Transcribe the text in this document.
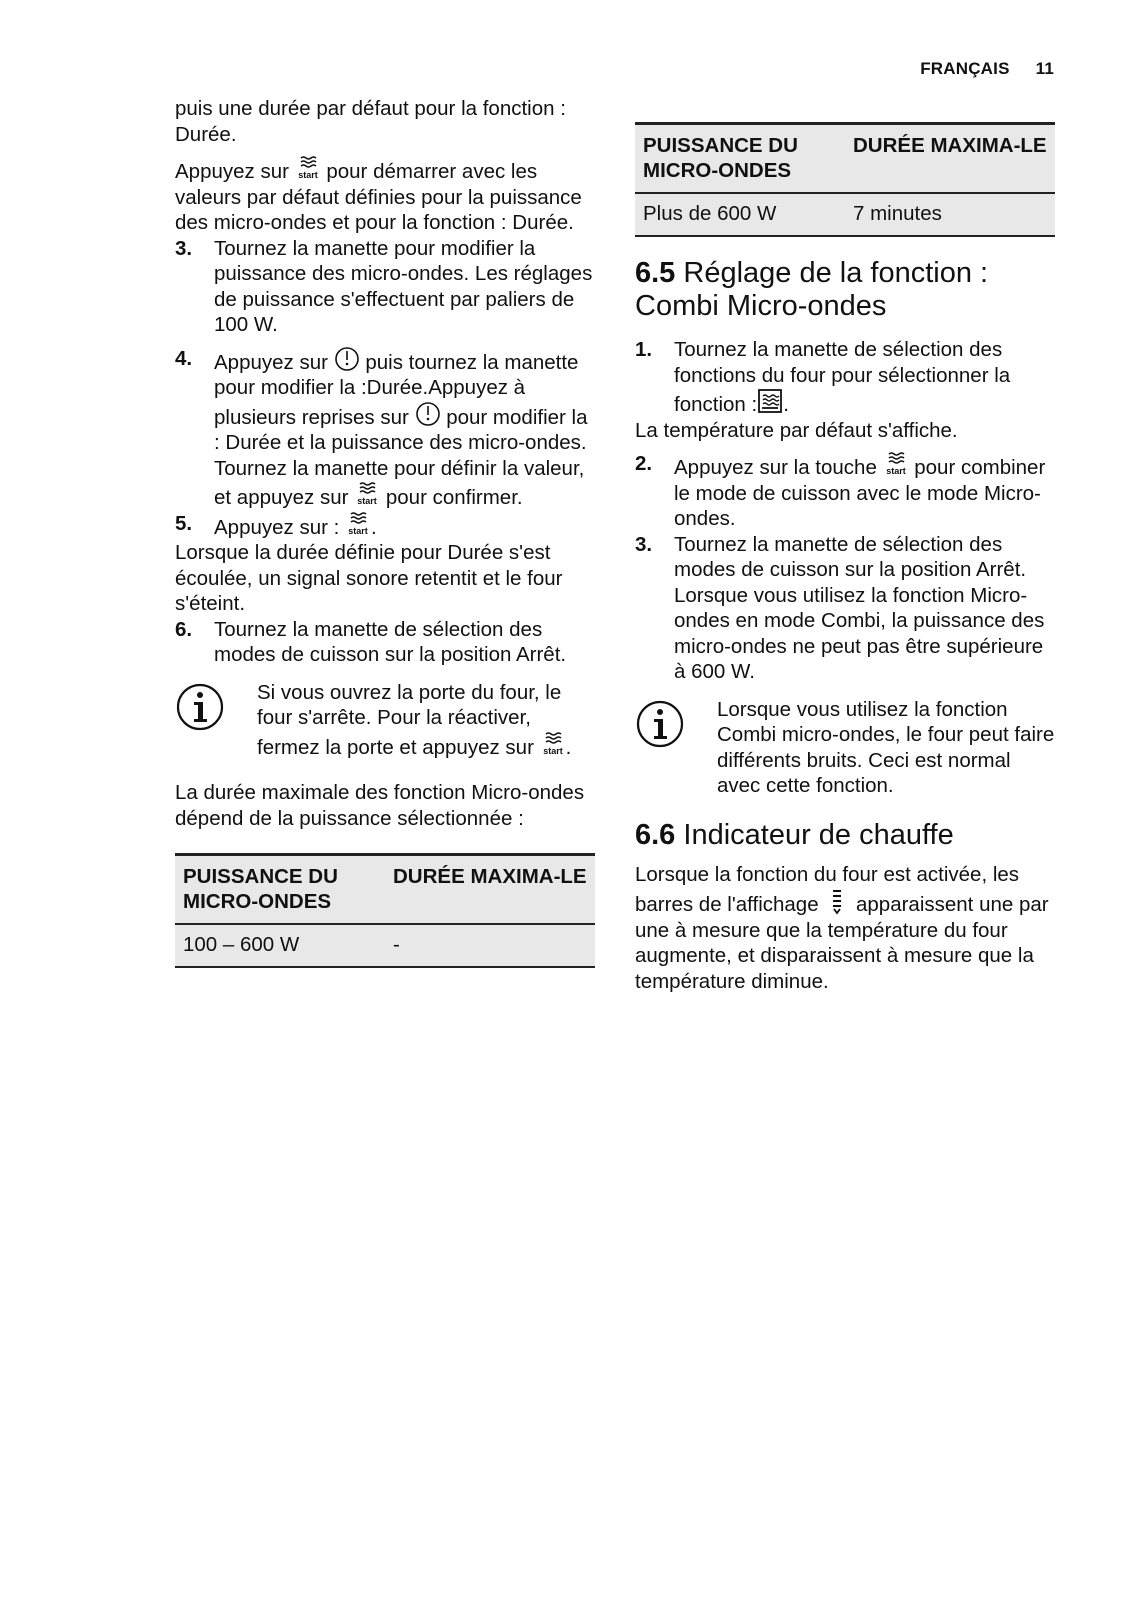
FRANÇAIS 11

puis une durée par défaut pour la fonction : Durée.

Appuyez sur  pour démarrer avec les valeurs par défaut définies pour la puissance des micro-ondes et pour la fonction : Durée.

3.	Tournez la manette pour modifier la puissance des micro-ondes. Les réglages de puissance s'effectuent par paliers de 100 W.
4.	Appuyez sur  puis tournez la manette pour modifier la :Durée.Appuyez à plusieurs reprises sur  pour modifier la : Durée et la puissance des micro-ondes. Tournez la manette pour définir la valeur, et appuyez sur  pour confirmer.
5.	Appuyez sur : .

Lorsque la durée définie pour Durée s'est écoulée, un signal sonore retentit et le four s'éteint.

6.	Tournez la manette de sélection des modes de cuisson sur la position Arrêt.
Si vous ouvrez la porte du four, le four s'arrête. Pour la réactiver, fermez la porte et appuyez sur .

La durée maximale des fonction Micro-ondes dépend de la puissance sélectionnée :

PUISSANCE DU MICRO-ONDES	DURÉE MAXIMA-LE
100 – 600 W	-
PUISSANCE DU MICRO-ONDES	DURÉE MAXIMA-LE
Plus de 600 W	7 minutes
6.5 Réglage de la fonction : Combi Micro-ondes
1.	Tournez la manette de sélection des fonctions du four pour sélectionner la fonction : .

La température par défaut s'affiche.

2.	Appuyez sur la touche  pour combiner le mode de cuisson avec le mode Micro-ondes.
3.	Tournez la manette de sélection des modes de cuisson sur la position Arrêt.
Lorsque vous utilisez la fonction Micro-ondes en mode Combi, la puissance des micro-ondes ne peut pas être supérieure à 600 W.
Lorsque vous utilisez la fonction Combi micro-ondes, le four peut faire différents bruits. Ceci est normal avec cette fonction.
6.6 Indicateur de chauffe

Lorsque la fonction du four est activée, les barres de l'affichage  apparaissent une par une à mesure que la température du four augmente, et disparaissent à mesure que la température diminue.
